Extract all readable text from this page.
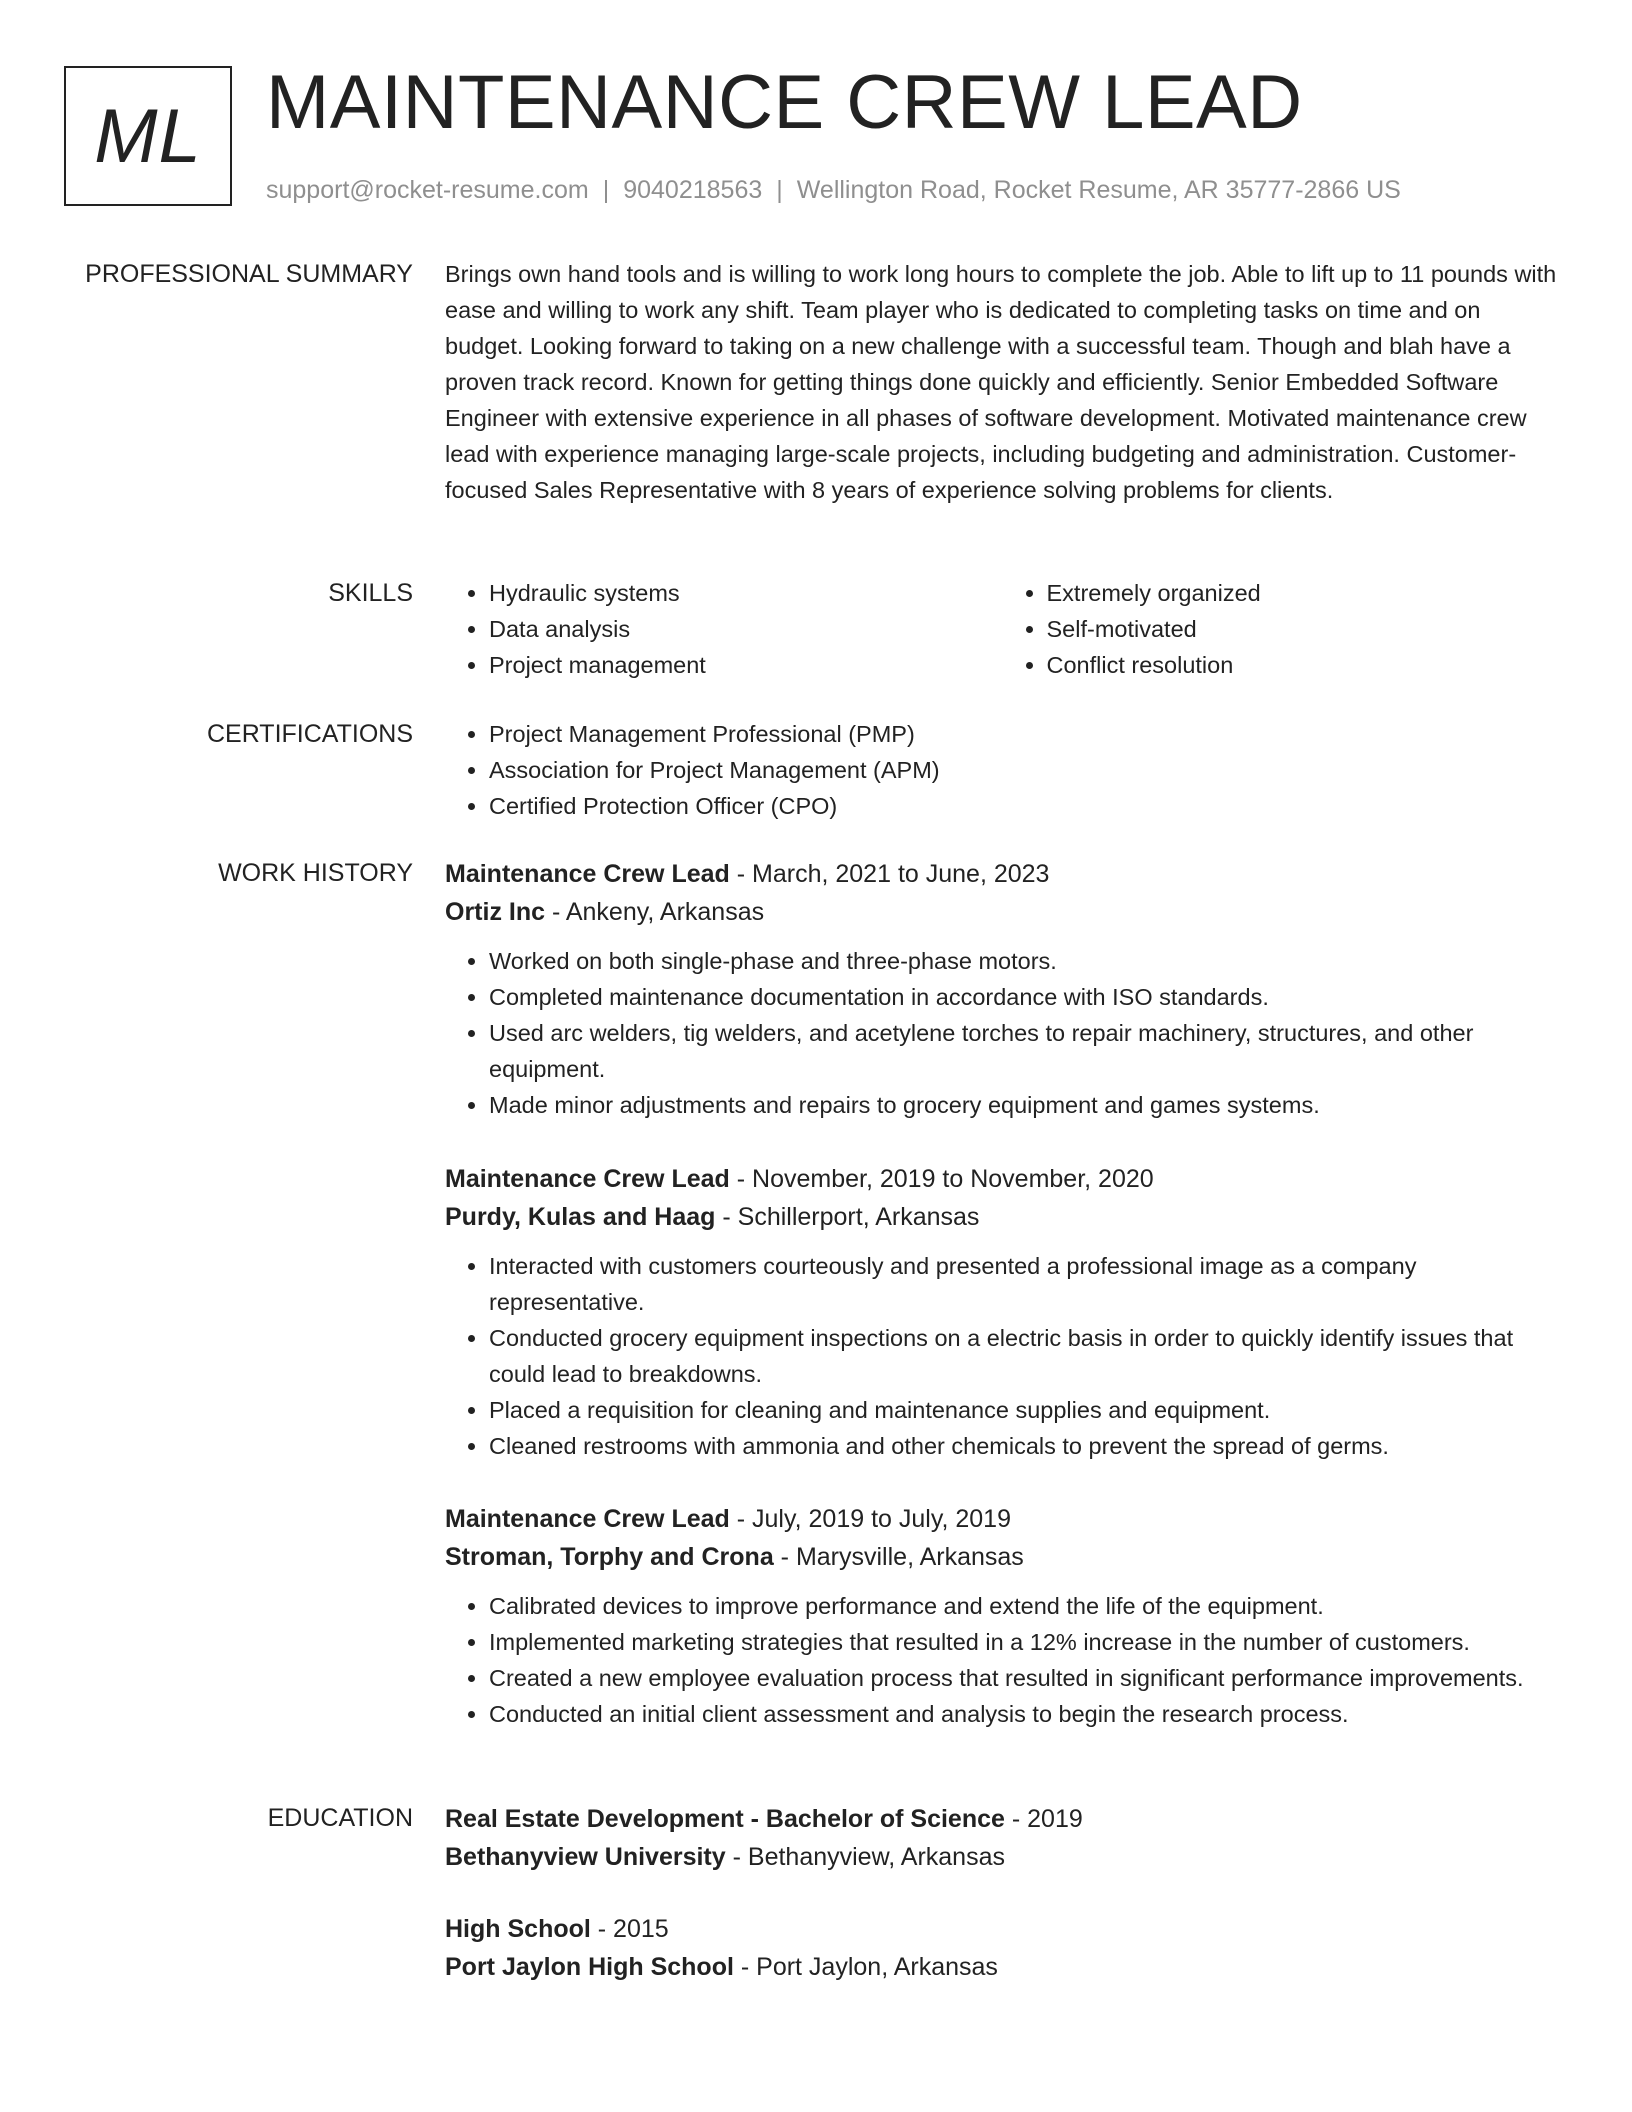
ML MAINTENANCE CREW LEAD
support@rocket-resume.com | 9040218563 | Wellington Road, Rocket Resume, AR 35777-2866 US
PROFESSIONAL SUMMARY Brings own hand tools and is willing to work long hours to complete the job. Able to lift up to 11 pounds with ease and willing to work any shift. Team player who is dedicated to completing tasks on time and on budget. Looking forward to taking on a new challenge with a successful team. Though and blah have a proven track record. Known for getting things done quickly and efficiently. Senior Embedded Software Engineer with extensive experience in all phases of software development. Motivated maintenance crew lead with experience managing large-scale projects, including budgeting and administration. Customer-focused Sales Representative with 8 years of experience solving problems for clients.

SKILLS	• Hydraulic systems
• Data analysis
• Project management
• Extremely organized
• Self-motivated
• Conflict resolution
CERTIFICATIONS	• Project Management Professional (PMP)
• Association for Project Management (APM)
• Certified Protection Officer (CPO)
WORK HISTORY Maintenance Crew Lead - March, 2021 to June, 2023
Ortiz Inc - Ankeny, Arkansas
• Worked on both single-phase and three-phase motors.
• Completed maintenance documentation in accordance with ISO standards.
• Used arc welders, tig welders, and acetylene torches to repair machinery, structures, and other equipment.
• Made minor adjustments and repairs to grocery equipment and games systems.
Maintenance Crew Lead - November, 2019 to November, 2020
Purdy, Kulas and Haag - Schillerport, Arkansas
• Interacted with customers courteously and presented a professional image as a company representative.
• Conducted grocery equipment inspections on a electric basis in order to quickly identify issues that could lead to breakdowns.
• Placed a requisition for cleaning and maintenance supplies and equipment.
• Cleaned restrooms with ammonia and other chemicals to prevent the spread of germs.
Maintenance Crew Lead - July, 2019 to July, 2019
Stroman, Torphy and Crona - Marysville, Arkansas
• Calibrated devices to improve performance and extend the life of the equipment.
• Implemented marketing strategies that resulted in a 12% increase in the number of customers.
• Created a new employee evaluation process that resulted in significant performance improvements.
• Conducted an initial client assessment and analysis to begin the research process.
EDUCATION Real Estate Development - Bachelor of Science - 2019
Bethanyview University - Bethanyview, Arkansas
High School - 2015
Port Jaylon High School - Port Jaylon, Arkansas
